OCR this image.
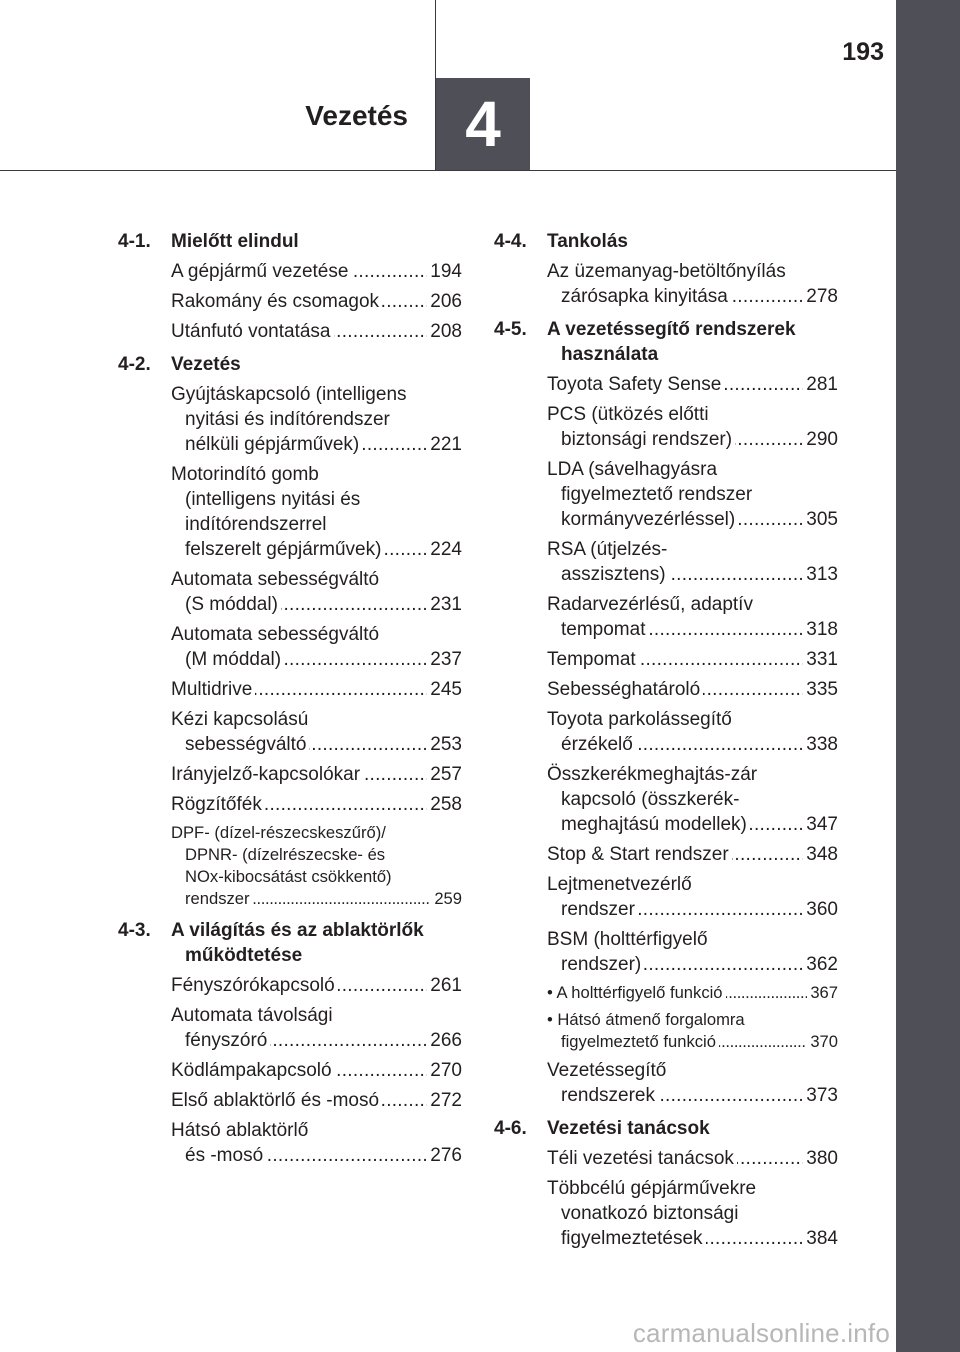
4
Vezetés
193
4-1.	Mielőtt elindul
A gépjármű vezetése	194
. . .
Rakomány és csomagok	206
. . .
Utánfutó vontatása	208
. . .
4-2.	Vezetés
Gyújtáskapcsoló (intelligens
nyitási és indítórendszer
nélküli gépjárművek)	221
. . .
Motorindító gomb
(intelligens nyitási és
indítórendszerrel
felszerelt gépjárművek)	224
. . .
Automata sebességváltó
(S móddal)	231
. . .
Automata sebességváltó
(M móddal)	237
. . .
Multidrive	245
. . .
Kézi kapcsolású
sebességváltó	253
. . .
Irányjelző-kapcsolókar	257
. . .
Rögzítőfék	258
. . .
DPF- (dízel-részecskeszűrő)/
DPNR- (dízelrészecske- és
NOx-kibocsátást csökkentő)
rendszer	259
. . .
4-3.	A világítás és az ablaktörlők működtetése
Fényszórókapcsoló	261
. . .
Automata távolsági
fényszóró	266
. . .
Ködlámpakapcsoló	270
. . .
Első ablaktörlő és -mosó	272
. . .
Hátsó ablaktörlő
és -mosó	276
. . .
4-4.	Tankolás
Az üzemanyag-betöltőnyílás
zárósapka kinyitása	278
. . .
4-5.	A vezetéssegítő rendszerek használata
Toyota Safety Sense	281
. . .
PCS (ütközés előtti
biztonsági rendszer)	290
. . .
LDA (sávelhagyásra
figyelmeztető rendszer
kormányvezérléssel)	305
. . .
RSA (útjelzés-
asszisztens)	313
. . .
Radarvezérlésű, adaptív
tempomat	318
. . .
Tempomat	331
. . .
Sebességhatároló	335
. . .
Toyota parkolássegítő
érzékelő	338
. . .
Összkerékmeghajtás-zár
kapcsoló (összkerék-
meghajtású modellek)	347
. . .
Stop & Start rendszer	348
. . .
Lejtmenetvezérlő
rendszer	360
. . .
BSM (holttérfigyelő
rendszer)	362
. . .
• A holttérfigyelő funkció	367
. . .
• Hátsó átmenő forgalomra
figyelmeztető funkció	370
. . .
Vezetéssegítő
rendszerek	373
. . .
4-6.	Vezetési tanácsok
Téli vezetési tanácsok	380
. . .
Többcélú gépjárművekre
vonatkozó biztonsági
figyelmeztetések	384
. . .
carmanualsonline.info
